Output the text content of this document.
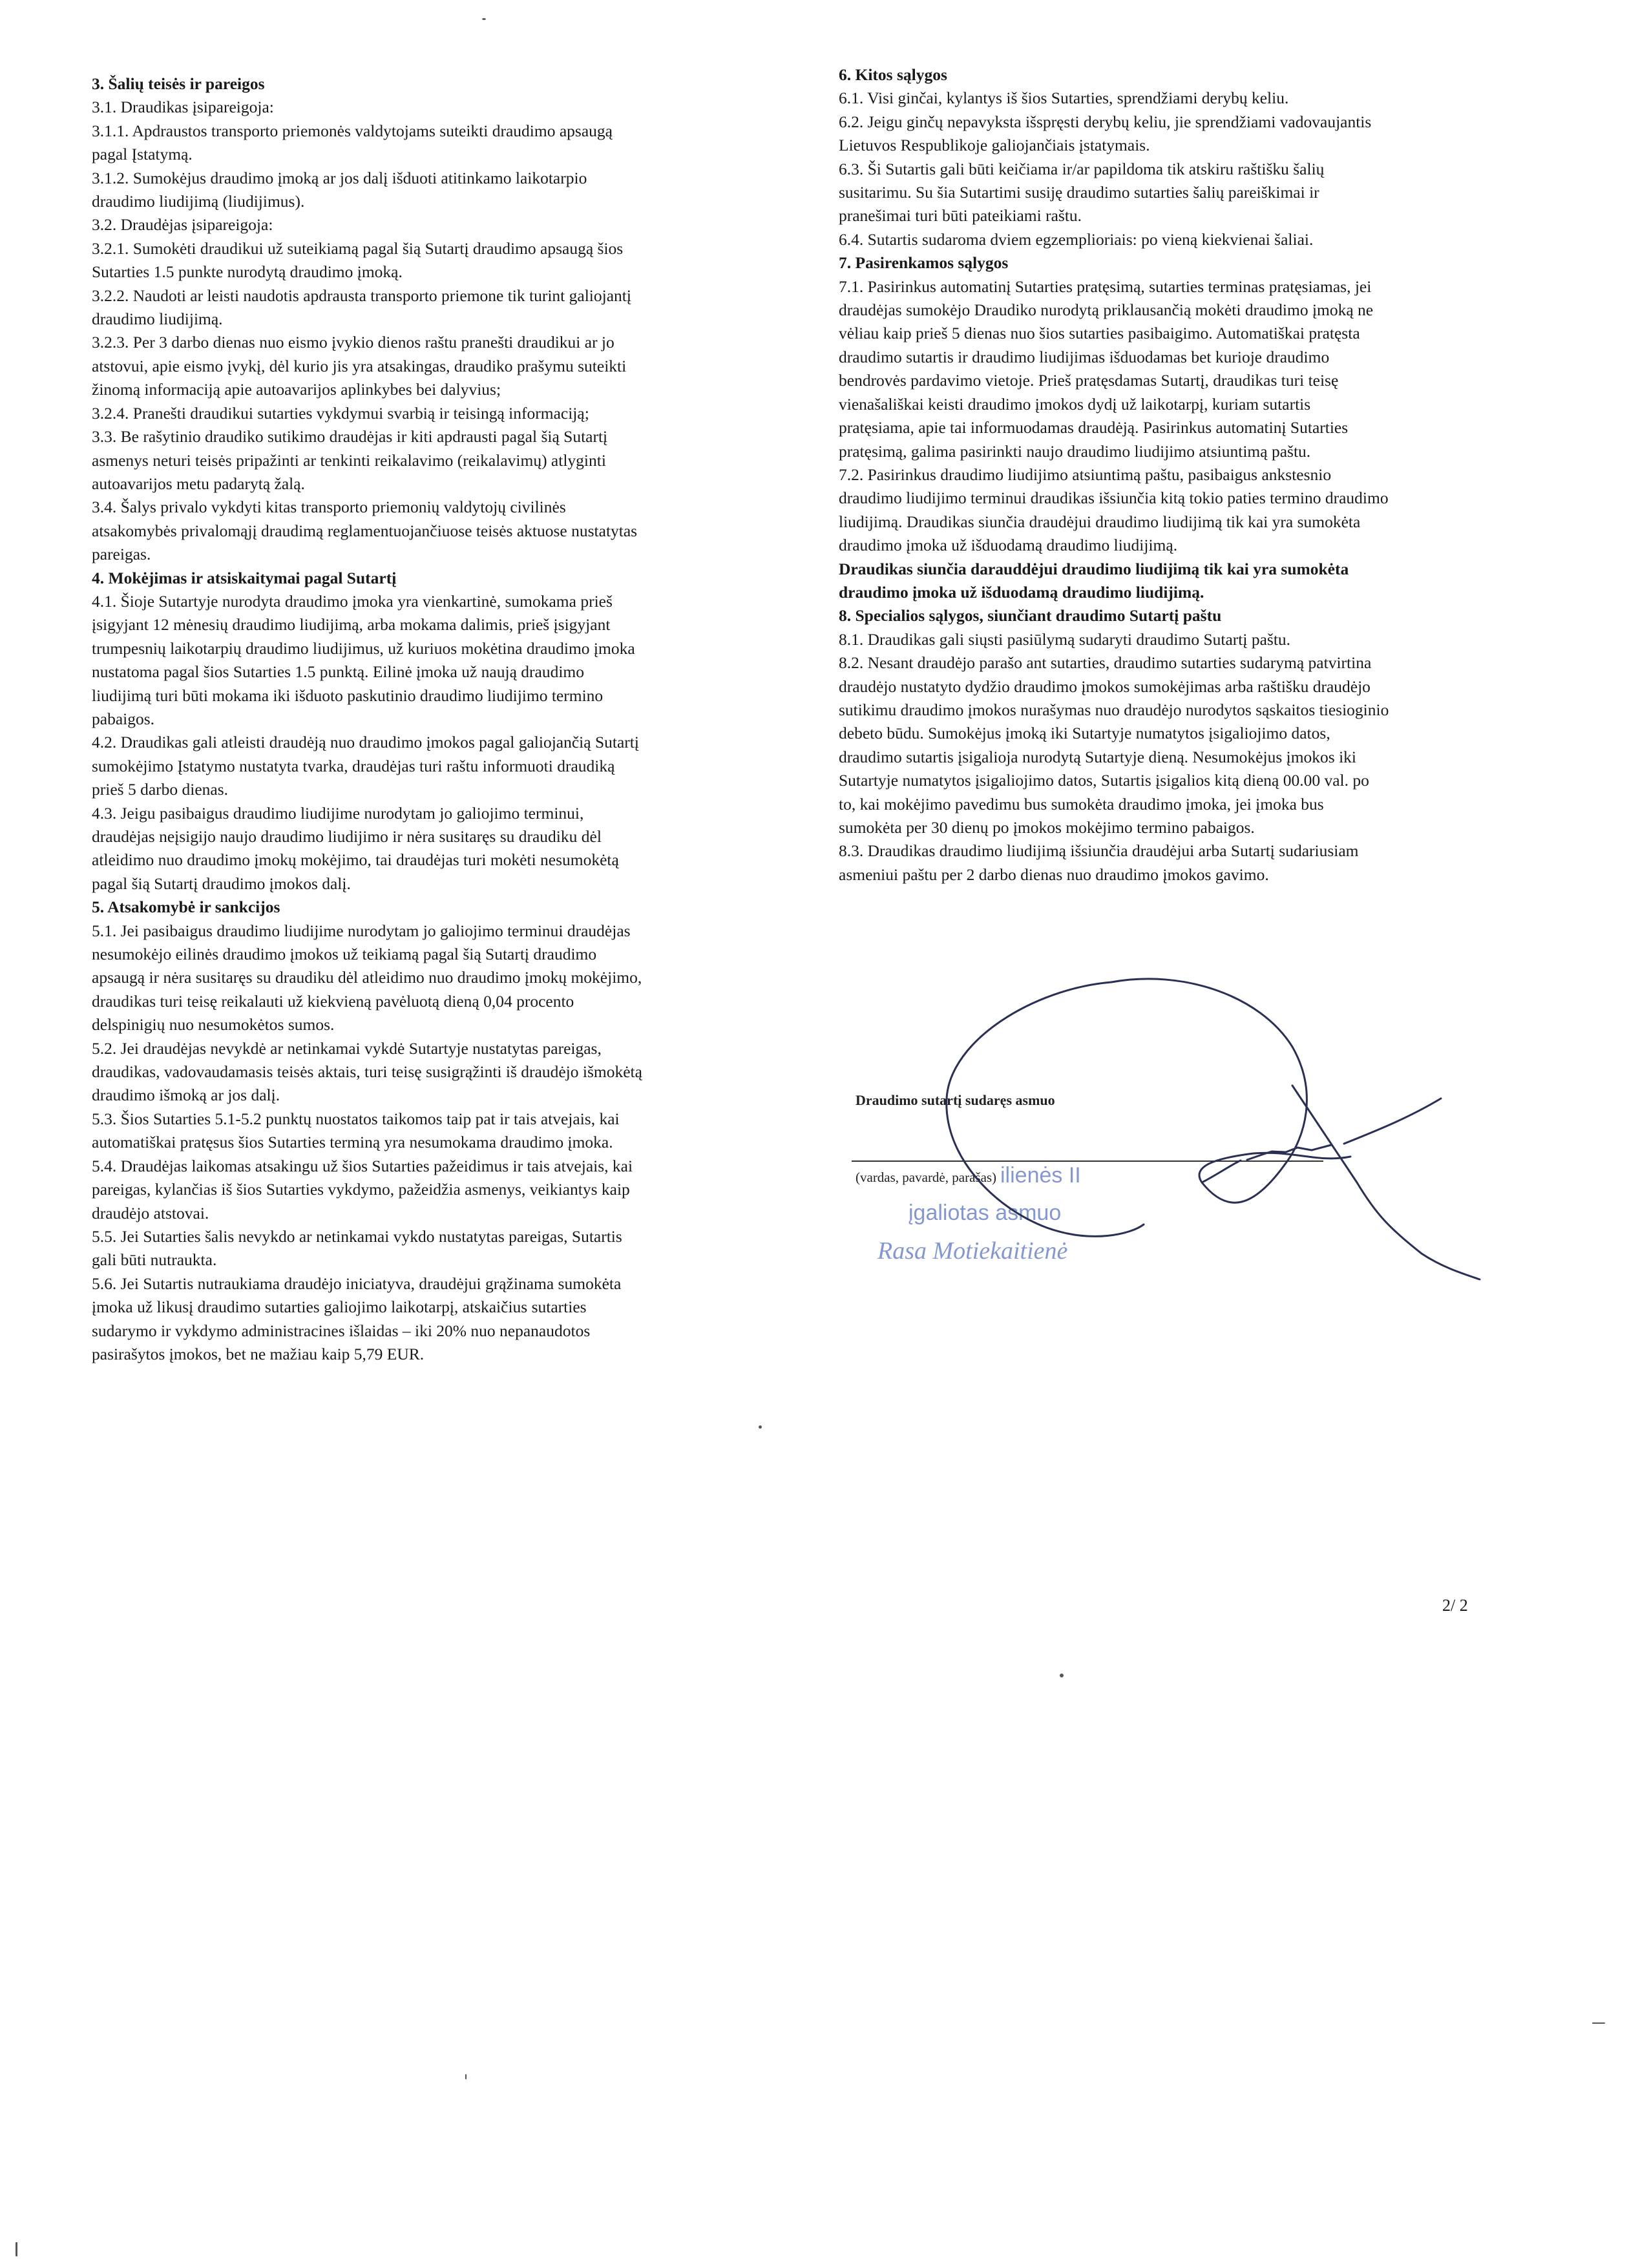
3. Šalių teisės ir pareigos
3.1. Draudikas įsipareigoja:
3.1.1. Apdraustos transporto priemonės valdytojams suteikti draudimo apsaugą
pagal Įstatymą.
3.1.2. Sumokėjus draudimo įmoką ar jos dalį išduoti atitinkamo laikotarpio
draudimo liudijimą (liudijimus).
3.2. Draudėjas įsipareigoja:
3.2.1. Sumokėti draudikui už suteikiamą pagal šią Sutartį draudimo apsaugą šios
Sutarties 1.5 punkte nurodytą draudimo įmoką.
3.2.2. Naudoti ar leisti naudotis apdrausta transporto priemone tik turint galiojantį
draudimo liudijimą.
3.2.3. Per 3 darbo dienas nuo eismo įvykio dienos raštu pranešti draudikui ar jo
atstovui, apie eismo įvykį, dėl kurio jis yra atsakingas, draudiko prašymu suteikti
žinomą informaciją apie autoavarijos aplinkybes bei dalyvius;
3.2.4. Pranešti draudikui sutarties vykdymui svarbią ir teisingą informaciją;
3.3. Be rašytinio draudiko sutikimo draudėjas ir kiti apdrausti pagal šią Sutartį
asmenys neturi teisės pripažinti ar tenkinti reikalavimo (reikalavimų) atlyginti
autoavarijos metu padarytą žalą.
3.4. Šalys privalo vykdyti kitas transporto priemonių valdytojų civilinės
atsakomybės privalomąjį draudimą reglamentuojančiuose teisės aktuose nustatytas
pareigas.
4. Mokėjimas ir atsiskaitymai pagal Sutartį
4.1. Šioje Sutartyje nurodyta draudimo įmoka yra vienkartinė, sumokama prieš
įsigyjant 12 mėnesių draudimo liudijimą, arba mokama dalimis, prieš įsigyjant
trumpesnių laikotarpių draudimo liudijimus, už kuriuos mokėtina draudimo įmoka
nustatoma pagal šios Sutarties 1.5 punktą. Eilinė įmoka už naują draudimo
liudijimą turi būti mokama iki išduoto paskutinio draudimo liudijimo termino
pabaigos.
4.2. Draudikas gali atleisti draudėją nuo draudimo įmokos pagal galiojančią Sutartį
sumokėjimo Įstatymo nustatyta tvarka, draudėjas turi raštu informuoti draudiką
prieš 5 darbo dienas.
4.3. Jeigu pasibaigus draudimo liudijime nurodytam jo galiojimo terminui,
draudėjas neįsigijo naujo draudimo liudijimo ir nėra susitaręs su draudiku dėl
atleidimo nuo draudimo įmokų mokėjimo, tai draudėjas turi mokėti nesumokėtą
pagal šią Sutartį draudimo įmokos dalį.
5. Atsakomybė ir sankcijos
5.1. Jei pasibaigus draudimo liudijime nurodytam jo galiojimo terminui draudėjas
nesumokėjo eilinės draudimo įmokos už teikiamą pagal šią Sutartį draudimo
apsaugą ir nėra susitaręs su draudiku dėl atleidimo nuo draudimo įmokų mokėjimo,
draudikas turi teisę reikalauti už kiekvieną pavėluotą dieną 0,04 procento
delspinigių nuo nesumokėtos sumos.
5.2. Jei draudėjas nevykdė ar netinkamai vykdė Sutartyje nustatytas pareigas,
draudikas, vadovaudamasis teisės aktais, turi teisę susigrąžinti iš draudėjo išmokėtą
draudimo išmoką ar jos dalį.
5.3. Šios Sutarties 5.1-5.2 punktų nuostatos taikomos taip pat ir tais atvejais, kai
automatiškai pratęsus šios Sutarties terminą yra nesumokama draudimo įmoka.
5.4. Draudėjas laikomas atsakingu už šios Sutarties pažeidimus ir tais atvejais, kai
pareigas, kylančias iš šios Sutarties vykdymo, pažeidžia asmenys, veikiantys kaip
draudėjo atstovai.
5.5. Jei Sutarties šalis nevykdo ar netinkamai vykdo nustatytas pareigas, Sutartis
gali būti nutraukta.
5.6. Jei Sutartis nutraukiama draudėjo iniciatyva, draudėjui grąžinama sumokėta
įmoka už likusį draudimo sutarties galiojimo laikotarpį, atskaičius sutarties
sudarymo ir vykdymo administracines išlaidas – iki 20% nuo nepanaudotos
pasirašytos įmokos, bet ne mažiau kaip 5,79 EUR.
6. Kitos sąlygos
6.1. Visi ginčai, kylantys iš šios Sutarties, sprendžiami derybų keliu.
6.2. Jeigu ginčų nepavyksta išspręsti derybų keliu, jie sprendžiami vadovaujantis
Lietuvos Respublikoje galiojančiais įstatymais.
6.3. Ši Sutartis gali būti keičiama ir/ar papildoma tik atskiru raštišku šalių
susitarimu. Su šia Sutartimi susiję draudimo sutarties šalių pareiškimai ir
pranešimai turi būti pateikiami raštu.
6.4. Sutartis sudaroma dviem egzemplioriais: po vieną kiekvienai šaliai.
7. Pasirenkamos sąlygos
7.1. Pasirinkus automatinį Sutarties pratęsimą, sutarties terminas pratęsiamas, jei
draudėjas sumokėjo Draudiko nurodytą priklausančią mokėti draudimo įmoką ne
vėliau kaip prieš 5 dienas nuo šios sutarties pasibaigimo. Automatiškai pratęsta
draudimo sutartis ir draudimo liudijimas išduodamas bet kurioje draudimo
bendrovės pardavimo vietoje. Prieš pratęsdamas Sutartį, draudikas turi teisę
vienašališkai keisti draudimo įmokos dydį už laikotarpį, kuriam sutartis
pratęsiama, apie tai informuodamas draudėją. Pasirinkus automatinį Sutarties
pratęsimą, galima pasirinkti naujo draudimo liudijimo atsiuntimą paštu.
7.2. Pasirinkus draudimo liudijimo atsiuntimą paštu, pasibaigus ankstesnio
draudimo liudijimo terminui draudikas išsiunčia kitą tokio paties termino draudimo
liudijimą. Draudikas siunčia draudėjui draudimo liudijimą tik kai yra sumokėta
draudimo įmoka už išduodamą draudimo liudijimą.
Draudikas siunčia darauddėjui draudimo liudijimą tik kai yra sumokėta
draudimo įmoka už išduodamą draudimo liudijimą.
8. Specialios sąlygos, siunčiant draudimo Sutartį paštu
8.1. Draudikas gali siųsti pasiūlymą sudaryti draudimo Sutartį paštu.
8.2. Nesant draudėjo parašo ant sutarties, draudimo sutarties sudarymą patvirtina
draudėjo nustatyto dydžio draudimo įmokos sumokėjimas arba raštišku draudėjo
sutikimu draudimo įmokos nurašymas nuo draudėjo nurodytos sąskaitos tiesioginio
debeto būdu. Sumokėjus įmoką iki Sutartyje numatytos įsigaliojimo datos,
draudimo sutartis įsigalioja nurodytą Sutartyje dieną. Nesumokėjus įmokos iki
Sutartyje numatytos įsigaliojimo datos, Sutartis įsigalios kitą dieną 00.00 val. po
to, kai mokėjimo pavedimu bus sumokėta draudimo įmoka, jei įmoka bus
sumokėta per 30 dienų po įmokos mokėjimo termino pabaigos.
8.3. Draudikas draudimo liudijimą išsiunčia draudėjui arba Sutartį sudariusiam
asmeniui paštu per 2 darbo dienas nuo draudimo įmokos gavimo.
Draudimo sutartį sudaręs asmuo
(vardas, pavardė, parašas) ilienės II
įgaliotas asmuo
Rasa Motiekaitienė
2/ 2
